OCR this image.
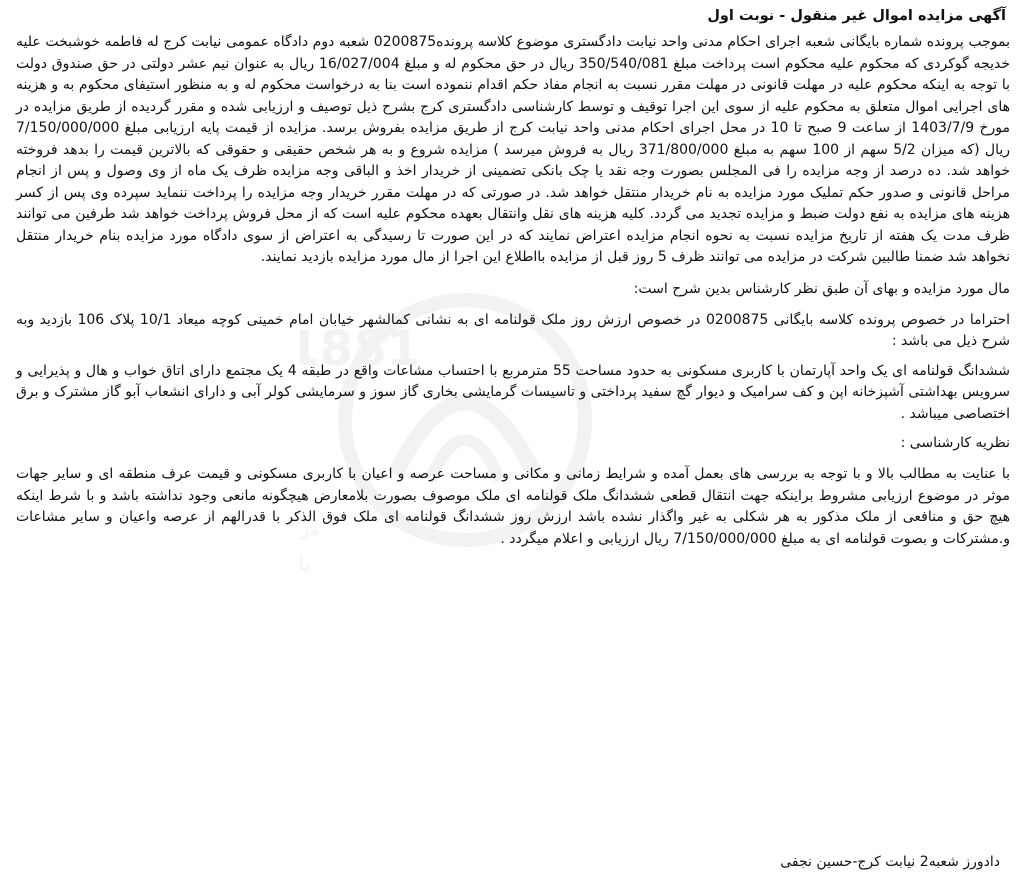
1881
مر
پا
آگهی مزایده اموال غیر منقول - نوبت اول

بموجب پرونده شماره بایگانی شعبه اجرای احکام مدنی واحد نیابت دادگستری موضوع کلاسه پرونده0200875 شعبه دوم دادگاه عمومی نیابت کرج له فاطمه خوشبخت علیه خدیجه گوکردی که محکوم علیه محکوم است پرداخت مبلغ 350/540/081 ریال در حق محکوم له و مبلغ 16/027/004 ریال به عنوان نیم عشر دولتی در حق صندوق دولت با توجه به اینکه محکوم علیه در مهلت قانونی در مهلت مقرر نسبت به انجام مفاد حکم اقدام ننموده است بنا به درخواست محکوم له و به منظور استیفای محکوم به و هزینه های اجرایی اموال متعلق به محکوم علیه از سوی این اجرا توقیف و توسط کارشناسی دادگستری کرج بشرح ذیل توصیف و ارزیابی شده و مقرر گردیده از طریق مزایده در مورخ 1403/7/9 از ساعت 9 صبح تا 10 در محل اجرای احکام مدنی واحد نیابت کرج از طریق مزایده بفروش برسد. مزایده از قیمت پایه ارزیابی مبلغ 7/150/000/000 ریال (که میزان 5/2 سهم از 100 سهم به مبلغ 371/800/000 ریال به فروش میرسد ) مزایده شروع و به هر شخص حقیقی و حقوقی که بالاترین قیمت را بدهد فروخته خواهد شد. ده درصد از وجه مزایده را فی المجلس بصورت وجه نقد یا چک بانکی تضمینی از خریدار اخذ و الباقی وجه مزایده ظرف یک ماه از وی وصول و پس از انجام مراحل قانونی و صدور حکم تملیک مورد مزایده به نام خریدار منتقل خواهد شد. در صورتی که در مهلت مقرر خریدار وجه مزایده را پرداخت ننماید سپرده وی پس از کسر هزینه های مزایده به نفع دولت ضبط و مزایده تجدید می گردد. کلیه هزینه های نقل وانتقال بعهده محکوم علیه است که از محل فروش پرداخت خواهد شد طرفین می توانند ظرف مدت یک هفته از تاریخ مزایده نسبت به نحوه انجام مزایده اعتراض نمایند که در این صورت تا رسیدگی به اعتراض از سوی دادگاه مورد مزایده بنام خریدار منتقل نخواهد شد ضمنا طالبین شرکت در مزایده می توانند ظرف 5 روز قبل از مزایده بااطلاع این اجرا از مال مورد مزایده بازدید نمایند.

مال مورد مزایده و بهای آن طبق نظر کارشناس بدین شرح است:

احتراما در خصوص پرونده کلاسه بایگانی 0200875 در خصوص ارزش روز ملک قولنامه ای به نشانی کمالشهر خیابان امام خمینی کوچه میعاد 10/1 پلاک 106 بازدید وبه شرح ذیل می باشد :

ششدانگ قولنامه ای یک واحد آپارتمان با کاربری مسکونی به حدود مساحت 55 مترمربع با احتساب مشاعات واقع در طبقه 4 یک مجتمع دارای اتاق خواب و هال و پذیرایی و سرویس بهداشتی آشپزخانه اپن و کف سرامیک و دیوار گچ سفید پرداختی و تاسیسات گرمایشی بخاری گاز سوز و سرمایشی کولر آبی و دارای انشعاب آبو گاز مشترک و برق اختصاصی میباشد .

نظریه کارشناسی :

با عنایت به مطالب بالا و با توجه به بررسی های بعمل آمده و شرایط زمانی و مکانی و مساحت عرصه و اعیان با کاربری مسکونی و قیمت عرف منطقه ای و سایر جهات موثر در موضوع ارزیابی مشروط براینکه جهت انتقال قطعی ششدانگ ملک قولنامه ای ملک موصوف بصورت بلامعارض هیچگونه مانعی وجود نداشته باشد و با شرط اینکه هیچ حق و منافعی از ملک مذکور به هر شکلی به غیر واگذار نشده باشد ارزش روز ششدانگ قولنامه ای ملک فوق الذکر با قدرالهم از عرصه واعیان و سایر مشاعات و.مشترکات و بصوت قولنامه ای به مبلغ 7/150/000/000 ریال ارزیابی و اعلام میگردد .

دادورز شعبه2 نیابت کرج-حسین نجفی
